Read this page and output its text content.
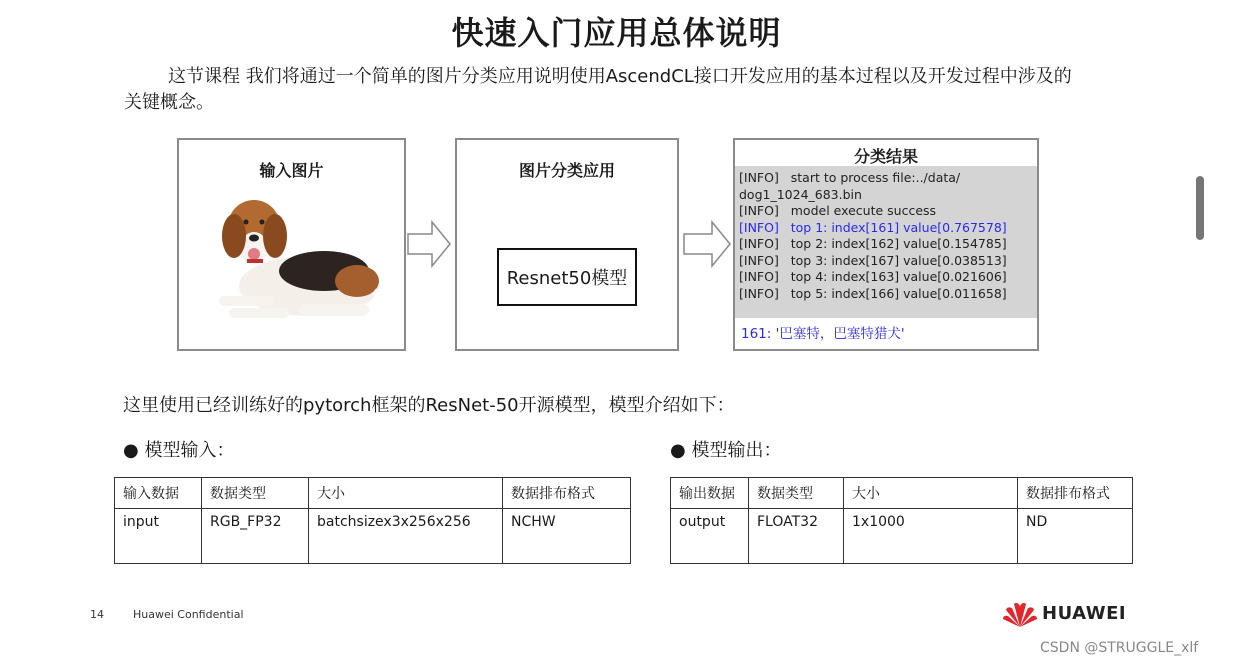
快速入门应用总体说明
这节课程 我们将通过一个简单的图片分类应用说明使用AscendCL接口开发应用的基本过程以及开发过程中涉及的关键概念。
输入图片	图片分类应用
Resnet50模型
分类结果
[INFO]   start to process file:../data/
dog1_1024_683.bin
[INFO]   model execute success
[INFO]   top 1: index[161] value[0.767578]
[INFO]   top 2: index[162] value[0.154785]
[INFO]   top 3: index[167] value[0.038513]
[INFO]   top 4: index[163] value[0.021606]
[INFO]   top 5: index[166] value[0.011658]
161: '巴塞特，巴塞特猎犬'
这里使用已经训练好的pytorch框架的ResNet-50开源模型，模型介绍如下：
● 模型输入：	● 模型输出：
输入数据	数据类型	大小	数据排布格式
input	RGB_FP32	batchsizex3x256x256	NCHW
输出数据	数据类型	大小	数据排布格式
output	FLOAT32	1x1000	ND
14	Huawei Confidential	HUAWEI
CSDN @STRUGGLE_xlf
